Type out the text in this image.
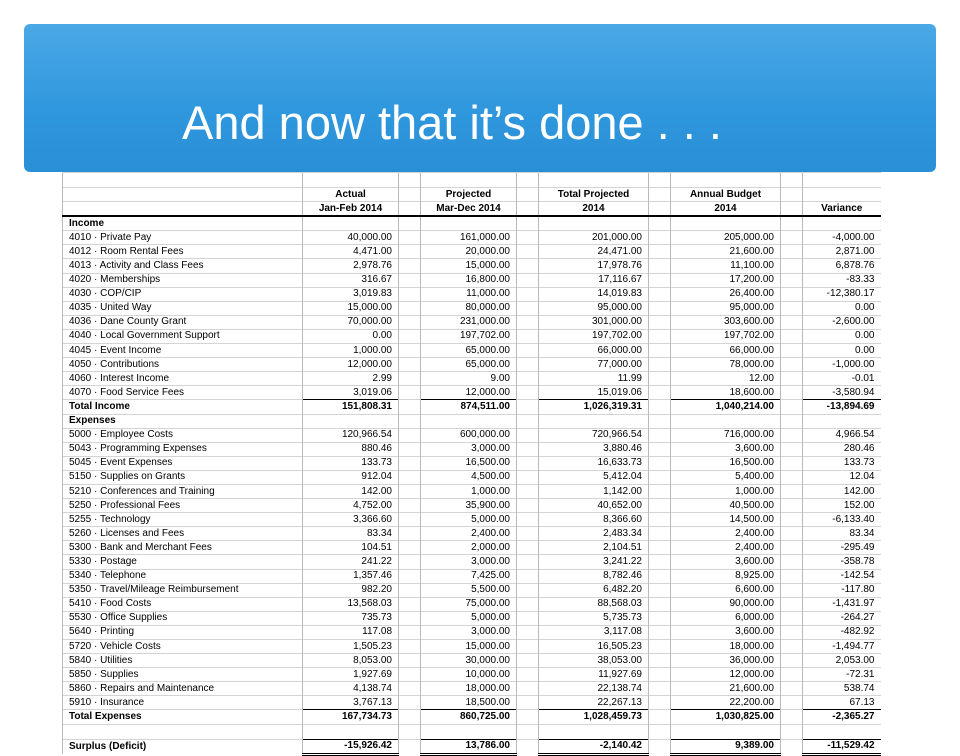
And now that it’s done . . .

	Actual		Projected		Total Projected		Annual Budget		
	Jan-Feb 2014		Mar-Dec 2014		2014		2014		Variance
Income									
4010 · Private Pay	40,000.00		161,000.00		201,000.00		205,000.00		-4,000.00
4012 · Room Rental Fees	4,471.00		20,000.00		24,471.00		21,600.00		2,871.00
4013 · Activity and Class Fees	2,978.76		15,000.00		17,978.76		11,100.00		6,878.76
4020 · Memberships	316.67		16,800.00		17,116.67		17,200.00		-83.33
4030 · COP/CIP	3,019.83		11,000.00		14,019.83		26,400.00		-12,380.17
4035 · United Way	15,000.00		80,000.00		95,000.00		95,000.00		0.00
4036 · Dane County Grant	70,000.00		231,000.00		301,000.00		303,600.00		-2,600.00
4040 · Local Government Support	0.00		197,702.00		197,702.00		197,702.00		0.00
4045 · Event Income	1,000.00		65,000.00		66,000.00		66,000.00		0.00
4050 · Contributions	12,000.00		65,000.00		77,000.00		78,000.00		-1,000.00
4060 · Interest Income	2.99		9.00		11.99		12.00		-0.01
4070 · Food Service Fees	3,019.06		12,000.00		15,019.06		18,600.00		-3,580.94
Total Income	151,808.31		874,511.00		1,026,319.31		1,040,214.00		-13,894.69
Expenses									
5000 · Employee Costs	120,966.54		600,000.00		720,966.54		716,000.00		4,966.54
5043 · Programming Expenses	880.46		3,000.00		3,880.46		3,600.00		280.46
5045 · Event Expenses	133.73		16,500.00		16,633.73		16,500.00		133.73
5150 · Supplies on Grants	912.04		4,500.00		5,412.04		5,400.00		12.04
5210 · Conferences and Training	142.00		1,000.00		1,142.00		1,000.00		142.00
5250 · Professional Fees	4,752.00		35,900.00		40,652.00		40,500.00		152.00
5255 · Technology	3,366.60		5,000.00		8,366.60		14,500.00		-6,133.40
5260 · Licenses and Fees	83.34		2,400.00		2,483.34		2,400.00		83.34
5300 · Bank and Merchant Fees	104.51		2,000.00		2,104.51		2,400.00		-295.49
5330 · Postage	241.22		3,000.00		3,241.22		3,600.00		-358.78
5340 · Telephone	1,357.46		7,425.00		8,782.46		8,925.00		-142.54
5350 · Travel/Mileage Reimbursement	982.20		5,500.00		6,482.20		6,600.00		-117.80
5410 · Food Costs	13,568.03		75,000.00		88,568.03		90,000.00		-1,431.97
5530 · Office Supplies	735.73		5,000.00		5,735.73		6,000.00		-264.27
5640 · Printing	117.08		3,000.00		3,117.08		3,600.00		-482.92
5720 · Vehicle Costs	1,505.23		15,000.00		16,505.23		18,000.00		-1,494.77
5840 · Utilities	8,053.00		30,000.00		38,053.00		36,000.00		2,053.00
5850 · Supplies	1,927.69		10,000.00		11,927.69		12,000.00		-72.31
5860 · Repairs and Maintenance	4,138.74		18,000.00		22,138.74		21,600.00		538.74
5910 · Insurance	3,767.13		18,500.00		22,267.13		22,200.00		67.13
Total Expenses	167,734.73		860,725.00		1,028,459.73		1,030,825.00		-2,365.27

Surplus (Deficit)	-15,926.42		13,786.00		-2,140.42		9,389.00		-11,529.42
